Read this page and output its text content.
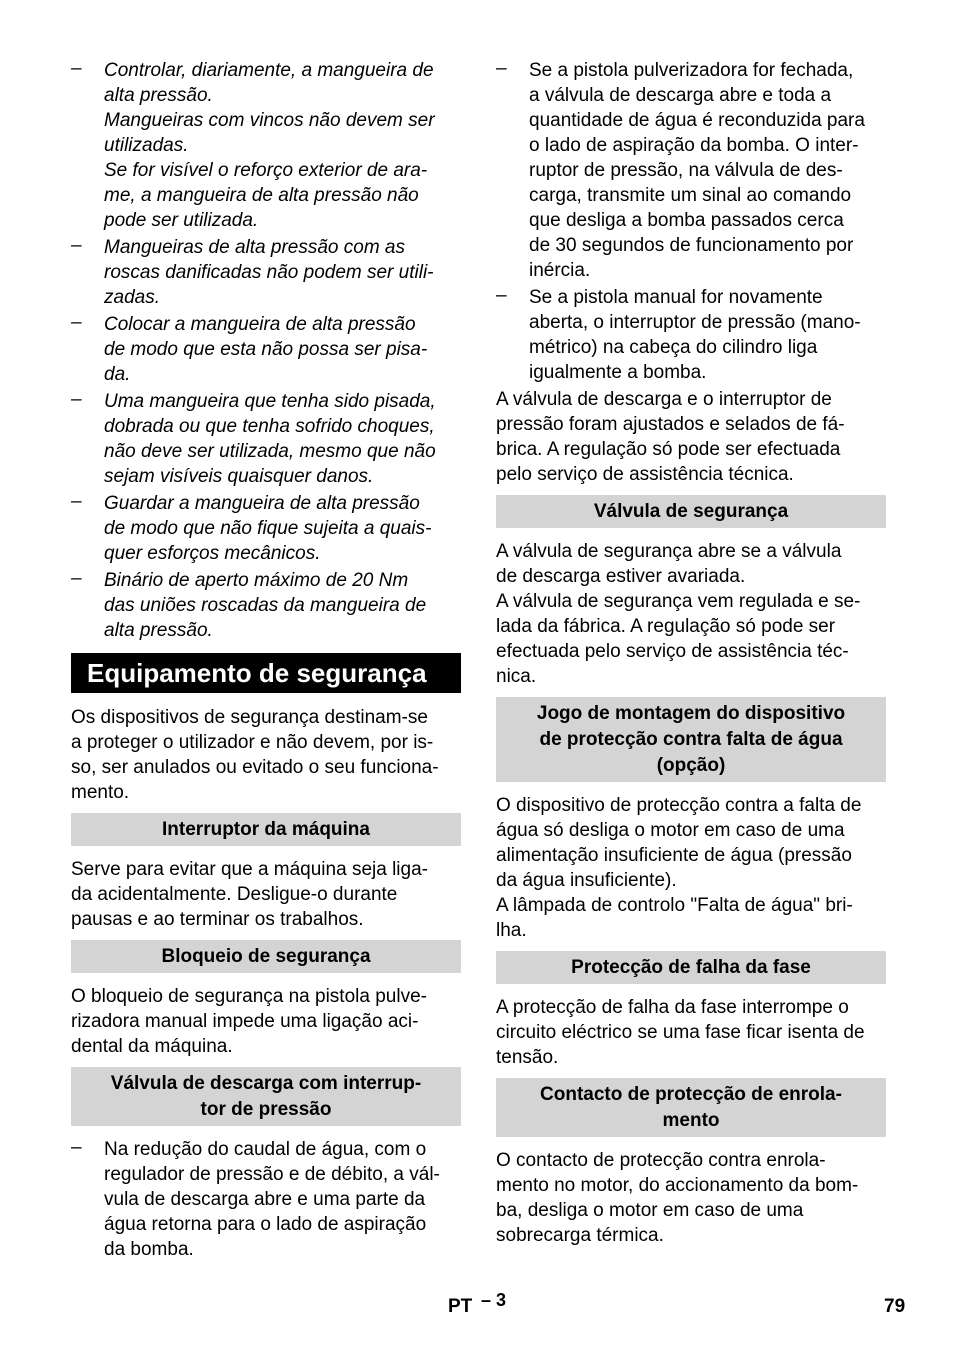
– Controlar, diariamente, a mangueira de

alta pressão.

Mangueiras com vincos não devem ser

utilizadas.

Se for visível o reforço exterior de ara-

me, a mangueira de alta pressão não

pode ser utilizada.

– Mangueiras de alta pressão com as

roscas danificadas não podem ser utili-

zadas.

– Colocar a mangueira de alta pressão

de modo que esta não possa ser pisa-

da.

– Uma mangueira que tenha sido pisada,

dobrada ou que tenha sofrido choques,

não deve ser utilizada, mesmo que não

sejam visíveis quaisquer danos.

– Guardar a mangueira de alta pressão

de modo que não fique sujeita a quais-

quer esforços mecânicos.

– Binário de aperto máximo de 20 Nm

das uniões roscadas da mangueira de

alta pressão.

Equipamento de segurança

Os dispositivos de segurança destinam-se

a proteger o utilizador e não devem, por is-

so, ser anulados ou evitado o seu funciona-

mento.

Interruptor da máquina

Serve para evitar que a máquina seja liga-

da acidentalmente. Desligue-o durante

pausas e ao terminar os trabalhos.

Bloqueio de segurança

O bloqueio de segurança na pistola pulve-

rizadora manual impede uma ligação aci-

dental da máquina.

Válvula de descarga com interrup-
tor de pressão

– Na redução do caudal de água, com o

regulador de pressão e de débito, a vál-

vula de descarga abre e uma parte da

água retorna para o lado de aspiração

da bomba.

– Se a pistola pulverizadora for fechada,

a válvula de descarga abre e toda a

quantidade de água é reconduzida para

o lado de aspiração da bomba. O inter-

ruptor de pressão, na válvula de des-

carga, transmite um sinal ao comando

que desliga a bomba passados cerca

de 30 segundos de funcionamento por

inércia.

– Se a pistola manual for novamente

aberta, o interruptor de pressão (mano-

métrico) na cabeça do cilindro liga

igualmente a bomba.

A válvula de descarga e o interruptor de

pressão foram ajustados e selados de fá-

brica. A regulação só pode ser efectuada

pelo serviço de assistência técnica.

Válvula de segurança

A válvula de segurança abre se a válvula

de descarga estiver avariada.

A válvula de segurança vem regulada e se-

lada da fábrica. A regulação só pode ser

efectuada pelo serviço de assistência téc-

nica.

Jogo de montagem do dispositivo
de protecção contra falta de água
(opção)

O dispositivo de protecção contra a falta de

água só desliga o motor em caso de uma

alimentação insuficiente de água (pressão

da água insuficiente).

A lâmpada de controlo "Falta de água" bri-

lha.

Protecção de falha da fase

A protecção de falha da fase interrompe o

circuito eléctrico se uma fase ficar isenta de

tensão.

Contacto de protecção de enrola-
mento

O contacto de protecção contra enrola-

mento no motor, do accionamento da bom-

ba, desliga o motor em caso de uma

sobrecarga térmica.

PT – 3	79
